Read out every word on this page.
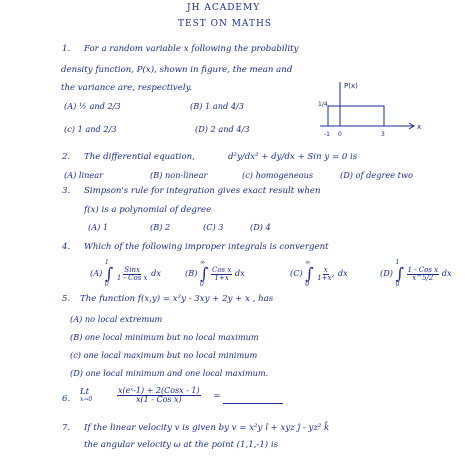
JH ACADEMY
TEST ON MATHS
1. For a random variable x following the probability
density function, P(x), shown in figure, the mean and
the variance are, respectively.
(A) ½ and 2/3	(B) 1 and 4/3
(c) 1 and 2/3	(D) 2 and 4/3
P(x)
1/4
-1 0	3
x
2. The differential equation,	d²y/dx² + dy/dx + Sin y = 0 is
(A) linear	(B) non-linear	(c) homogeneous	(D) of degree two
3. Simpson's rule for integration gives exact result when
f(x) is a polynomial of degree
(A) 1	(B) 2	(C) 3	(D) 4
4. Which of the following improper integrals is convergent
(A)
1
∫
0

$\frac{\text{Sinx}}{\text{1 - Cos x}}$ dx	(B)
∞
∫
0

$\frac{\text{Cos x}}{1+x}$ dx	(C)
∞
∫
0

$\frac{x}{\text{1+x²}}$ dx	(D)
1
∫
0

$\frac{\text{1 - Cos x}}{x\^{}5/2}$ dx
5. The function f(x,y) = x²y - 3xy + 2y + x , has
(A) no local extremum
(B) one local minimum but no local maximum
(c) one local maximum but no local minimum
(D) one local minimum and one local maximum.
6.
Lt
x→0
	$\frac{\text{x(eˣ-1) + 2(Cosx - 1)}}{\text{x(1 - Cos x)}}$ =
7. If the linear velocity v is given by v = x²y î + xyz ĵ - yz² k̂
the angular velocity ω at the point (1,1,-1) is
